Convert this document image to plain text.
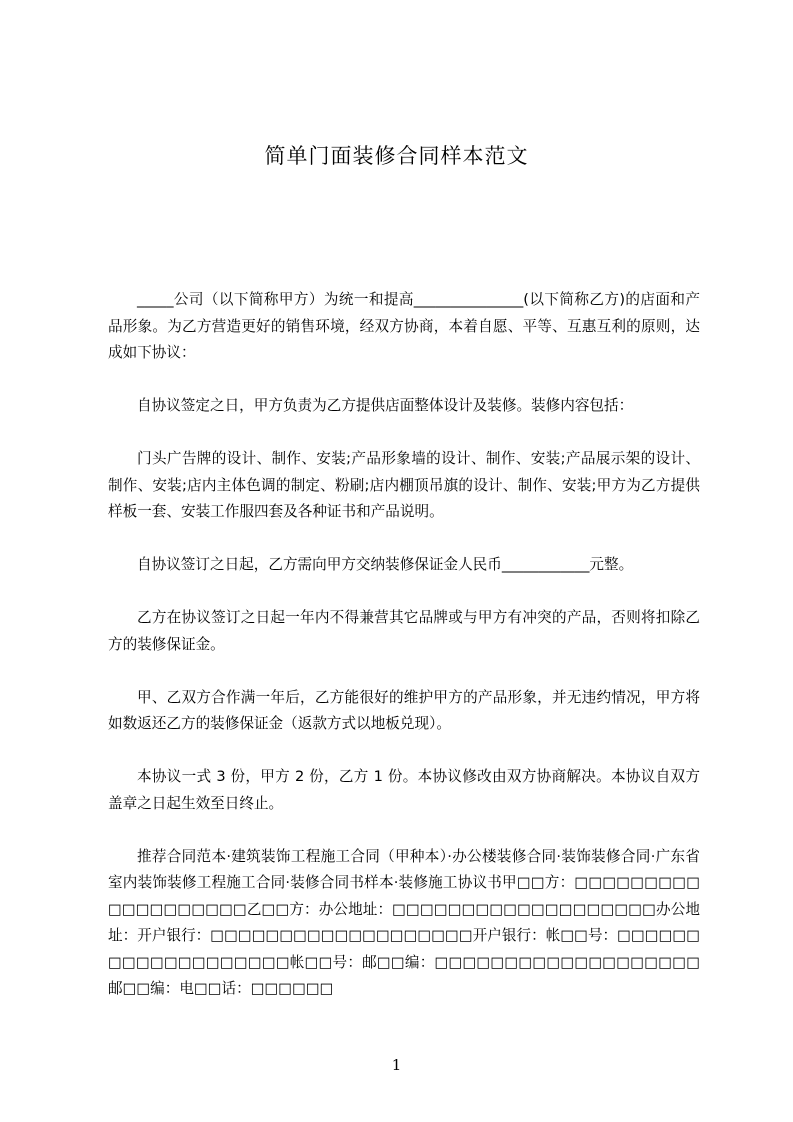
简单门面装修合同样本范文

_____公司（以下简称甲方）为统一和提高_______________(以下简称乙方)的店面和产品形象。为乙方营造更好的销售环境，经双方协商，本着自愿、平等、互惠互利的原则，达成如下协议：

自协议签定之日，甲方负责为乙方提供店面整体设计及装修。装修内容包括：

门头广告牌的设计、制作、安装;产品形象墙的设计、制作、安装;产品展示架的设计、制作、安装;店内主体色调的制定、粉刷;店内棚顶吊旗的设计、制作、安装;甲方为乙方提供样板一套、安装工作服四套及各种证书和产品说明。

自协议签订之日起，乙方需向甲方交纳装修保证金人民币____________元整。

乙方在协议签订之日起一年内不得兼营其它品牌或与甲方有冲突的产品，否则将扣除乙方的装修保证金。

甲、乙双方合作满一年后，乙方能很好的维护甲方的产品形象，并无违约情况，甲方将如数返还乙方的装修保证金（返款方式以地板兑现）。

本协议一式 3 份，甲方 2 份，乙方 1 份。本协议修改由双方协商解决。本协议自双方盖章之日起生效至日终止。

推荐合同范本·建筑装饰工程施工合同（甲种本）·办公楼装修合同·装饰装修合同·广东省室内装饰装修工程施工合同·装修合同书样本·装修施工协议书甲□□方：□□□□□□□□□□□□□□□□□□□乙□□方：办公地址：□□□□□□□□□□□□□□□□□□□办公地址：开户银行：□□□□□□□□□□□□□□□□□□□开户银行：帐□□号：□□□□□□□□□□□□□□□□□□□帐□□号：邮□□编：□□□□□□□□□□□□□□□□□□□邮□□编：电□□话：□□□□□□

1
